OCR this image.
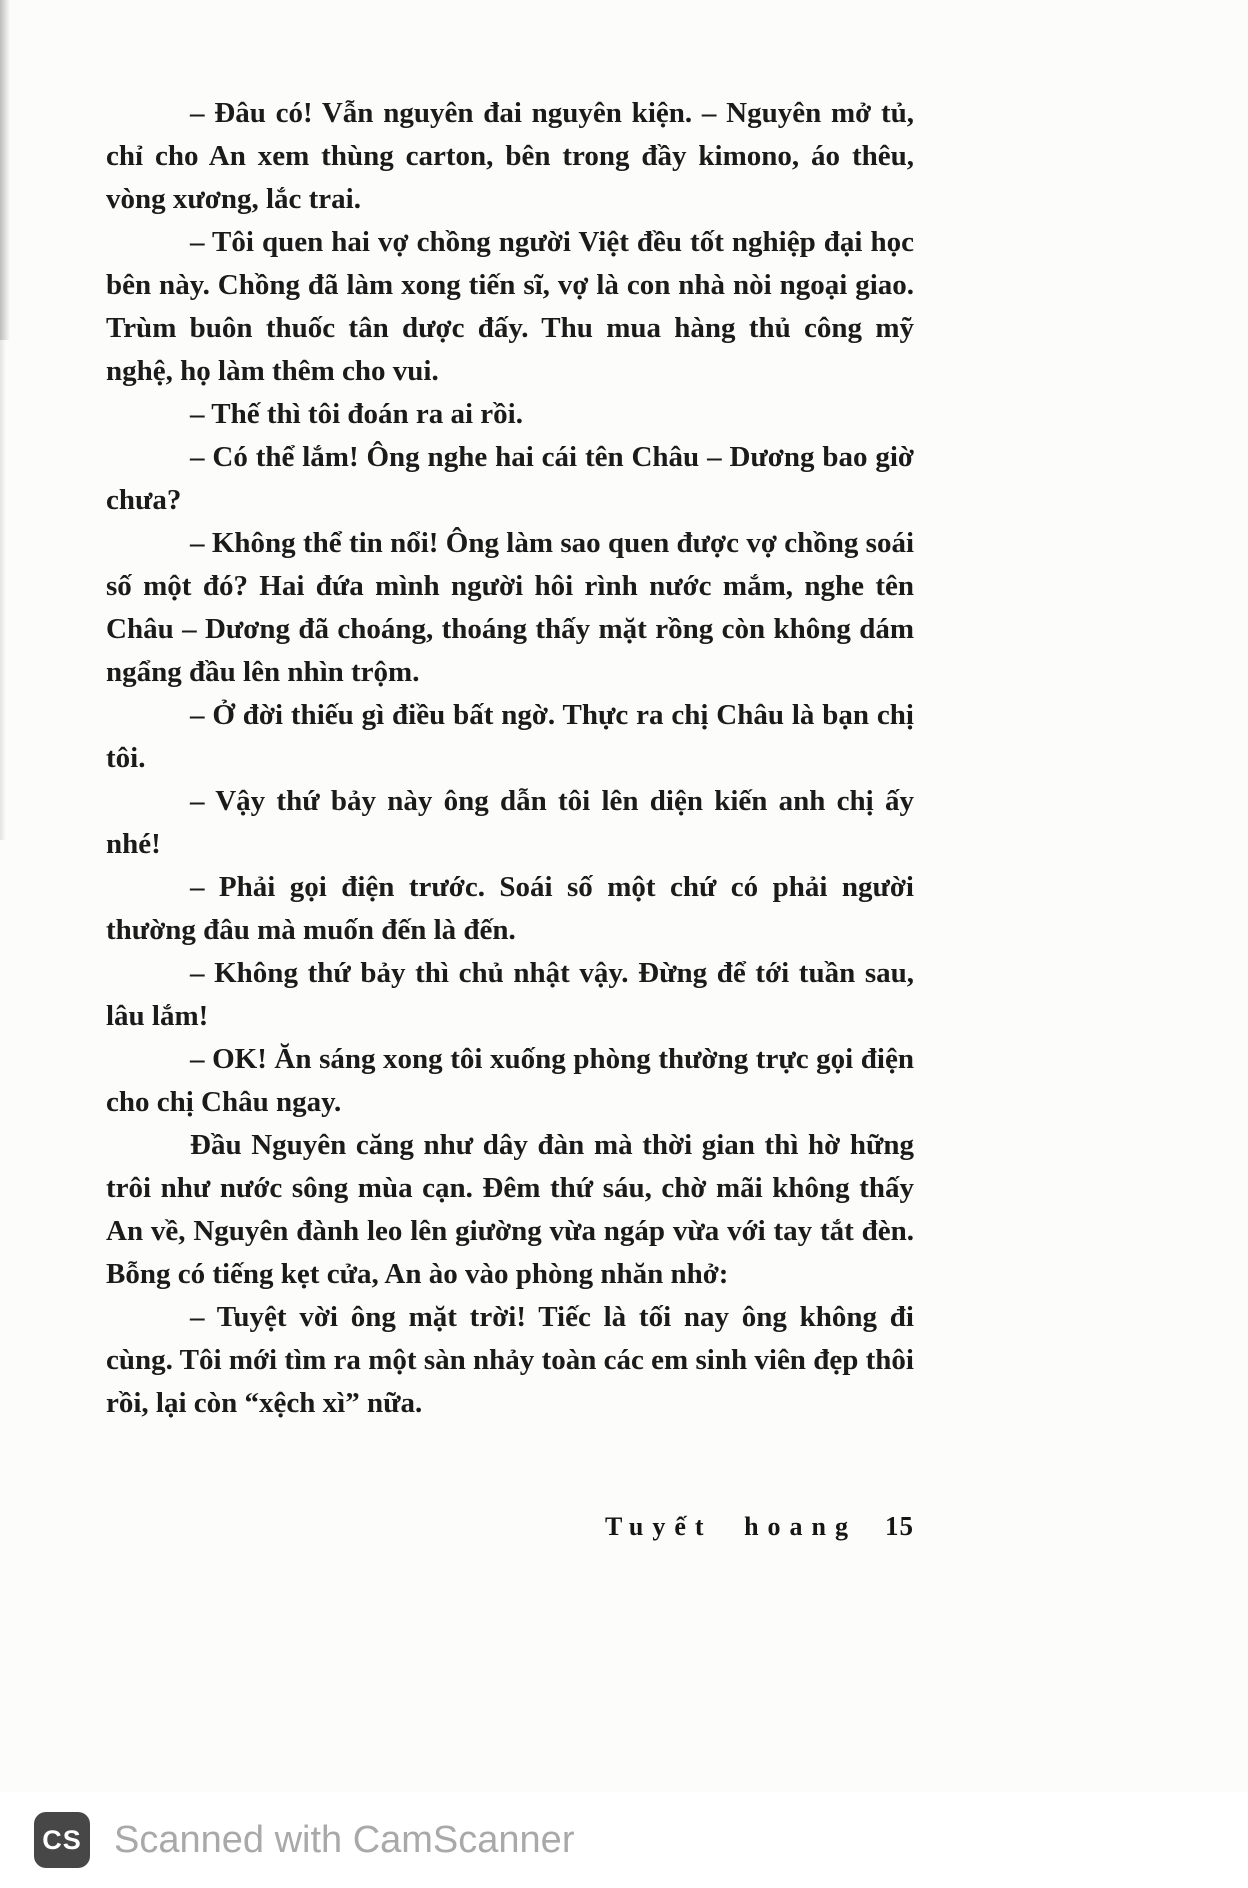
– Đâu có! Vẫn nguyên đai nguyên kiện. – Nguyên mở tủ, chỉ cho An xem thùng carton, bên trong đầy kimono, áo thêu, vòng xương, lắc trai.

– Tôi quen hai vợ chồng người Việt đều tốt nghiệp đại học bên này. Chồng đã làm xong tiến sĩ, vợ là con nhà nòi ngoại giao. Trùm buôn thuốc tân dược đấy. Thu mua hàng thủ công mỹ nghệ, họ làm thêm cho vui.

– Thế thì tôi đoán ra ai rồi.

– Có thể lắm! Ông nghe hai cái tên Châu – Dương bao giờ chưa?

– Không thể tin nổi! Ông làm sao quen được vợ chồng soái số một đó? Hai đứa mình người hôi rình nước mắm, nghe tên Châu – Dương đã choáng, thoáng thấy mặt rồng còn không dám ngẩng đầu lên nhìn trộm.

– Ở đời thiếu gì điều bất ngờ. Thực ra chị Châu là bạn chị tôi.

– Vậy thứ bảy này ông dẫn tôi lên diện kiến anh chị ấy nhé!

– Phải gọi điện trước. Soái số một chứ có phải người thường đâu mà muốn đến là đến.

– Không thứ bảy thì chủ nhật vậy. Đừng để tới tuần sau, lâu lắm!

– OK! Ăn sáng xong tôi xuống phòng thường trực gọi điện cho chị Châu ngay.

Đầu Nguyên căng như dây đàn mà thời gian thì hờ hững trôi như nước sông mùa cạn. Đêm thứ sáu, chờ mãi không thấy An về, Nguyên đành leo lên giường vừa ngáp vừa với tay tắt đèn. Bỗng có tiếng kẹt cửa, An ào vào phòng nhăn nhở:

– Tuyệt vời ông mặt trời! Tiếc là tối nay ông không đi cùng. Tôi mới tìm ra một sàn nhảy toàn các em sinh viên đẹp thôi rồi, lại còn “xệch xì” nữa.

Tuyết hoang 15
CS Scanned with CamScanner
